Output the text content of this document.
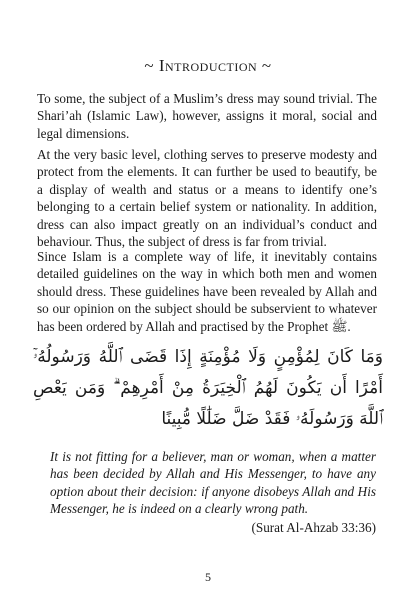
~ Introduction ~

To some, the subject of a Muslim’s dress may sound trivial. The Shari’ah (Islamic Law), however, assigns it moral, social and legal dimensions.

At the very basic level, clothing serves to preserve modesty and protect from the elements. It can further be used to beautify, be a display of wealth and status or a means to identify one’s belonging to a certain belief system or nationality. In addition, dress can also impact greatly on an individual’s conduct and behaviour. Thus, the subject of dress is far from trivial.

Since Islam is a complete way of life, it inevitably contains detailed guidelines on the way in which both men and women should dress. These guidelines have been revealed by Allah and so our opinion on the subject should be subservient to whatever has been ordered by Allah and practised by the Prophet ﷺ.

وَمَا كَانَ لِمُؤْمِنٍ وَلَا مُؤْمِنَةٍ إِذَا قَضَى ٱللَّهُ وَرَسُولُهُۥٓ أَمْرًا أَن يَكُونَ لَهُمُ ٱلْخِيَرَةُ مِنْ أَمْرِهِمْ ۗ وَمَن يَعْصِ ٱللَّهَ وَرَسُولَهُۥ فَقَدْ ضَلَّ ضَلَٰلًا مُّبِينًا

It is not fitting for a believer, man or woman, when a matter has been decided by Allah and His Messenger, to have any option about their decision: if anyone disobeys Allah and His Messenger, he is indeed on a clearly wrong path.

(Surat Al-Ahzab 33:36)
5
